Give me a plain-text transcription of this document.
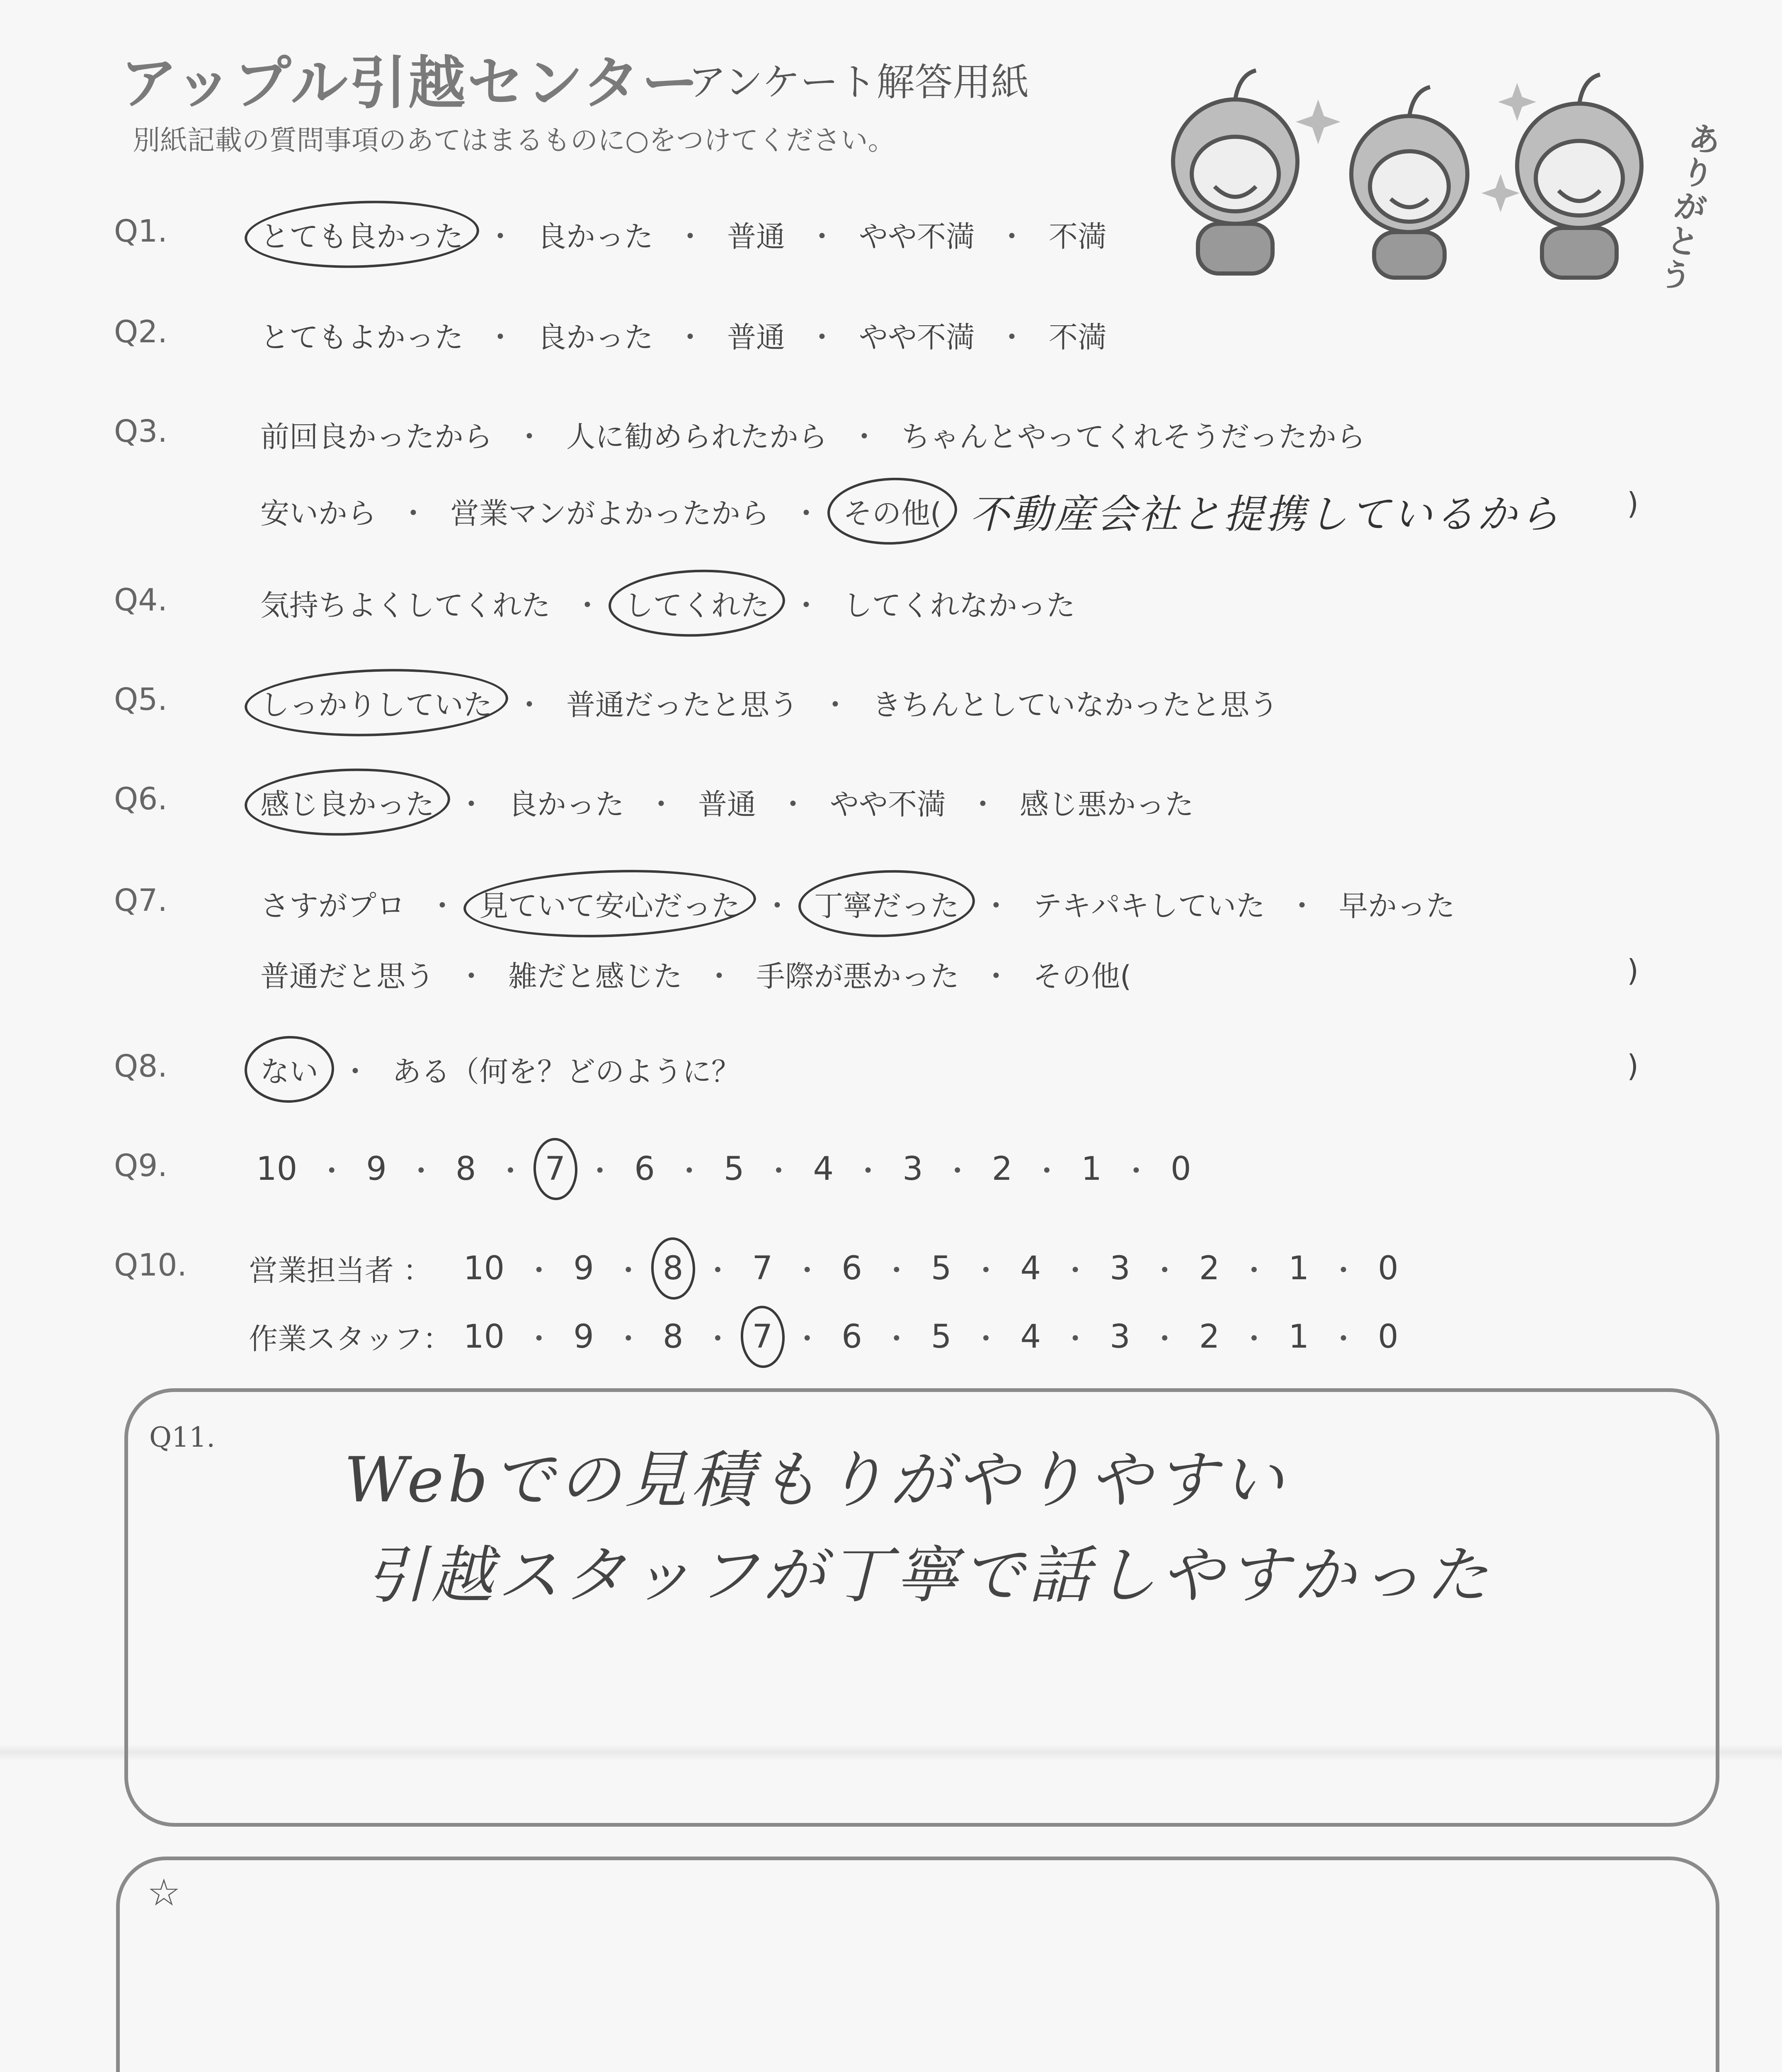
アップル引越センター
アンケート解答用紙
別紙記載の質問事項のあてはまるものに○をつけてください。	ありがとう
Q1.	とても良かった ・ 良かった ・ 普通 ・ やや不満 ・ 不満
Q2.	とてもよかった ・ 良かった ・ 普通 ・ やや不満 ・ 不満
Q3.	前回良かったから ・ 人に勧められたから ・ ちゃんとやってくれそうだったから
安いから ・ 営業マンがよかったから ・ その他( 不動産会社と提携しているから )
Q4.	気持ちよくしてくれた ・ してくれた ・ してくれなかった
Q5.	しっかりしていた ・ 普通だったと思う ・ きちんとしていなかったと思う
Q6.	感じ良かった ・ 良かった ・ 普通 ・ やや不満 ・ 感じ悪かった
Q7.	さすがプロ ・ 見ていて安心だった ・ 丁寧だった ・ テキパキしていた ・ 早かった
普通だと思う ・ 雑だと感じた ・ 手際が悪かった ・ その他(	)
Q8.	ない ・ ある（何を？どのように？	)
Q9.	10 ・ 9 ・ 8 ・ 7 ・ 6 ・ 5 ・ 4 ・ 3 ・ 2 ・ 1 ・ 0
Q10. 営業担当者 ： 10 ・ 9 ・ 8 ・ 7 ・ 6 ・ 5 ・ 4 ・ 3 ・ 2 ・ 1 ・ 0
作業スタッフ： 10 ・ 9 ・ 8 ・ 7 ・ 6 ・ 5 ・ 4 ・ 3 ・ 2 ・ 1 ・ 0
Q11.
Webでの見積もりがやりやすい
引越スタッフが丁寧で話しやすかった
☆
